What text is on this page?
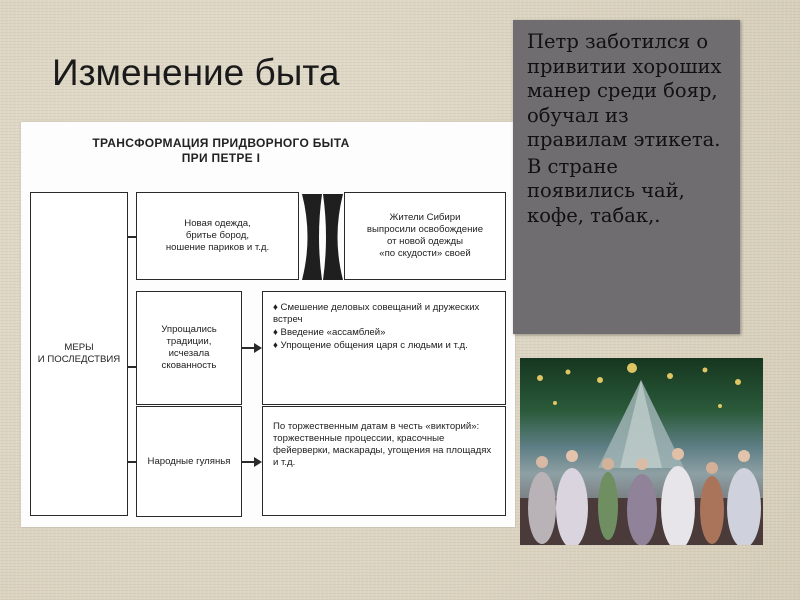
Изменение быта
ТРАНСФОРМАЦИЯ ПРИДВОРНОГО БЫТА
ПРИ ПЕТРЕ I
МЕРЫ
И ПОСЛЕДСТВИЯ
Новая одежда,
бритье бород,
ношение париков и т.д.
Жители Сибири
выпросили освобождение
от новой одежды
«по скудости» своей
Упрощались
традиции,
исчезала
скованность
♦ Смешение деловых совещаний и дружеских встреч
♦ Введение «ассамблей»
♦ Упрощение общения царя с людьми и т.д.
Народные гулянья
По торжественным датам в честь «викторий»: торжественные процессии, красочные фейерверки, маскарады, угощения на площадях и т.д.

Петр заботился о привитии хороших манер среди бояр, обучал из правилам этикета.

В стране появились чай, кофе, табак,.
